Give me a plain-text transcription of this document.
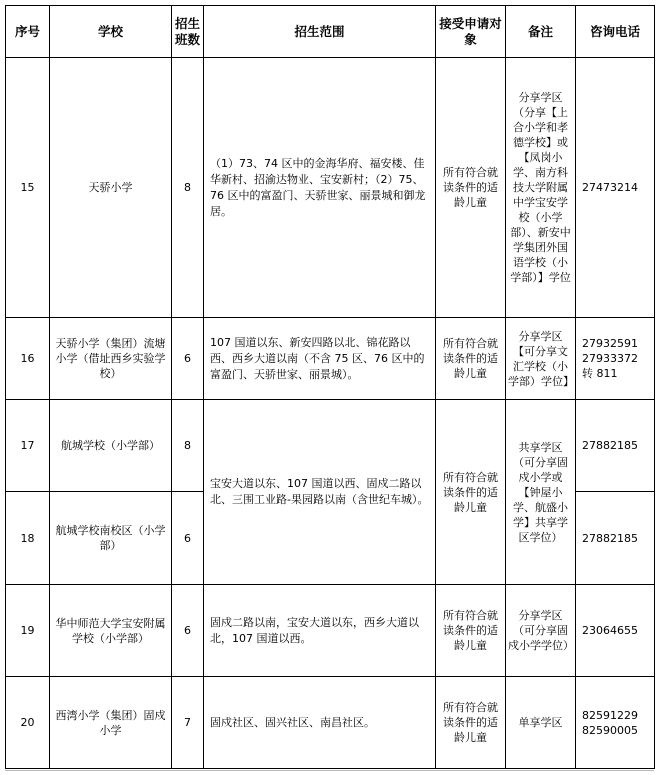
序号	学校	招生班数	招生范围	接受申请对象	备注	咨询电话
15	天骄小学	8	（1）73、74 区中的金海华府、福安楼、佳华新村、招渝达物业、宝安新村；（2）75、76 区中的富盈门、天骄世家、丽景城和御龙居。	所有符合就读条件的适龄儿童	分享学区（分享【上合小学和孝德学校】或【凤岗小学、南方科技大学附属中学宝安学校（小学部）、新安中学集团外国语学校（小学部）】学位	27473214
16	天骄小学（集团）流塘小学（借址西乡实验学校）	6	107 国道以东、新安四路以北、锦花路以西、西乡大道以南（不含 75 区、76 区中的富盈门、天骄世家、丽景城）。	所有符合就读条件的适龄儿童	分享学区【可分享文汇学校（小学部）学位】	27932591 27933372 转 811
17	航城学校（小学部）	8	宝安大道以东、107 国道以西、固戍二路以北、三围工业路-果园路以南（含世纪车城）。	所有符合就读条件的适龄儿童	共享学区（可分享固戍小学或【钟屋小学、航盛小学】共享学区学位）	27882185
18	航城学校南校区（小学部）	6				27882185
19	华中师范大学宝安附属学校（小学部）	6	固戍二路以南，宝安大道以东，西乡大道以北，107 国道以西。	所有符合就读条件的适龄儿童	分享学区（可分享固戍小学学位）	23064655
20	西湾小学（集团）固戍小学	7	固戍社区、固兴社区、南昌社区。	所有符合就读条件的适龄儿童	单享学区	82591229 82590005
